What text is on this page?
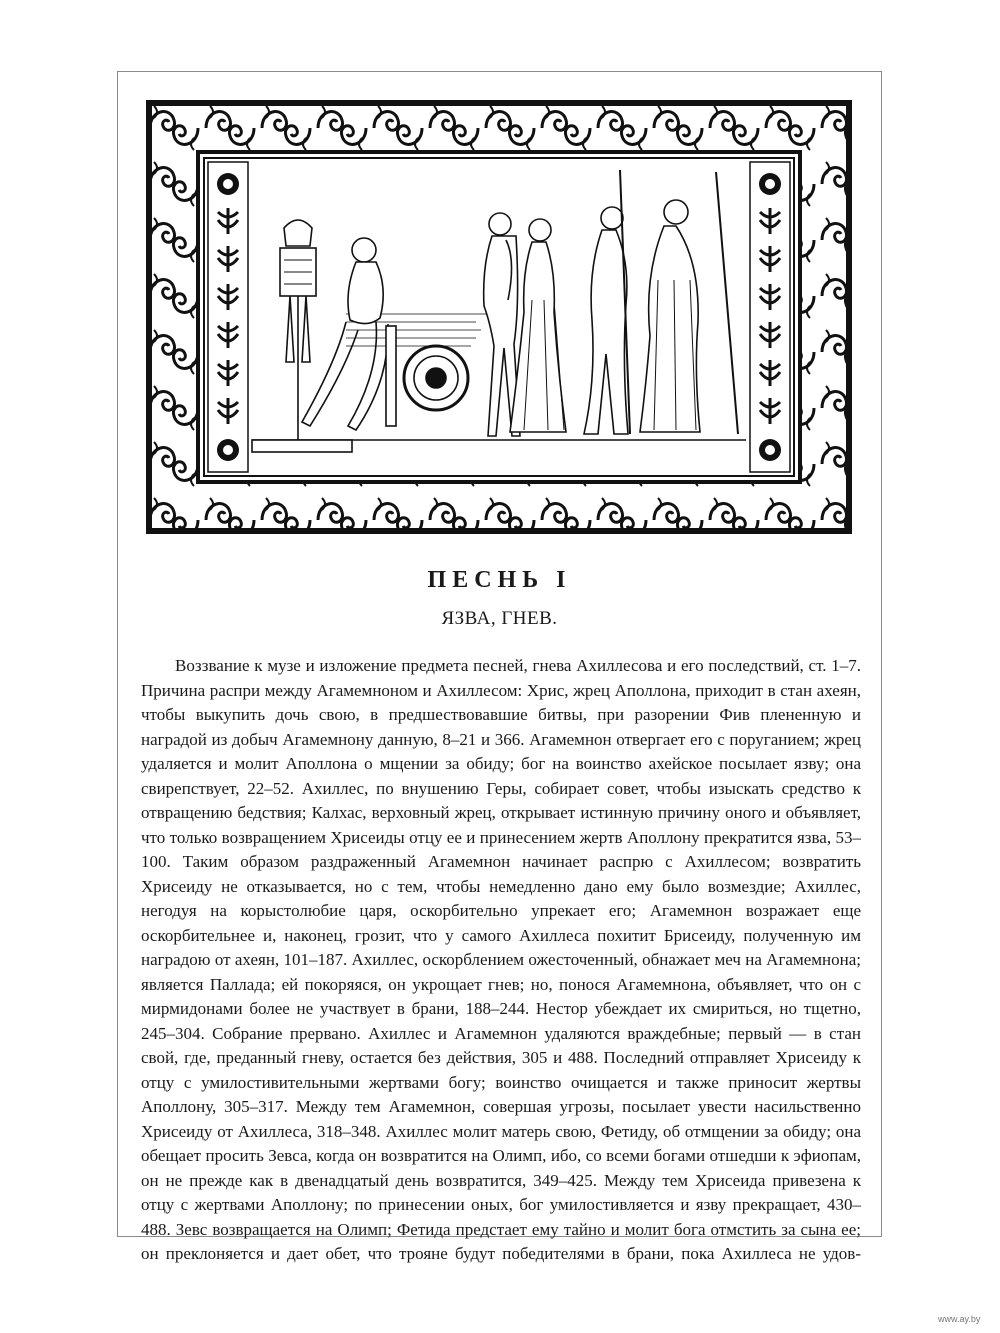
ПЕСНЬ I
ЯЗВА, ГНЕВ.

Воззвание к музе и изложение предмета песней, гнева Ахиллесова и его последствий, ст. 1–7. Причина распри между Агамемноном и Ахиллесом: Хрис, жрец Аполлона, приходит в стан ахеян, чтобы выкупить дочь свою, в предшествовавшие битвы, при разорении Фив плененную и наградой из добыч Агамемнону данную, 8–21 и 366. Агамемнон отвергает его с поруганием; жрец удаляется и молит Аполлона о мщении за обиду; бог на воинство ахейское посылает язву; она свирепствует, 22–52. Ахиллес, по внушению Геры, собирает совет, чтобы изыскать средство к отвращению бедствия; Калхас, верховный жрец, открывает истинную причину оного и объявляет, что только возвращением Хрисеиды отцу ее и принесением жертв Аполлону прекратится язва, 53–100. Таким образом раздраженный Агамемнон начинает распрю с Ахиллесом; возвратить Хрисеиду не отказывается, но с тем, чтобы немедленно дано ему было возмездие; Ахиллес, негодуя на корыстолюбие царя, оскорбительно упрекает его; Агамемнон возражает еще оскорбительнее и, наконец, грозит, что у самого Ахиллеса похитит Брисеиду, полученную им наградою от ахеян, 101–187. Ахиллес, оскорблением ожесточенный, обнажает меч на Агамемнона; является Паллада; ей покоряяся, он укрощает гнев; но, понося Агамемнона, объявляет, что он с мирмидонами более не участвует в брани, 188–244. Нестор убеждает их смириться, но тщетно, 245–304. Собрание прервано. Ахиллес и Агамемнон удаляются враждебные; первый — в стан свой, где, преданный гневу, остается без действия, 305 и 488. Последний отправляет Хрисеиду к отцу с умилостивительными жертвами богу; воинство очищается и также приносит жертвы Аполлону, 305–317. Между тем Агамемнон, совершая угрозы, посылает увести насильственно Хрисеиду от Ахиллеса, 318–348. Ахиллес молит матерь свою, Фетиду, об отмщении за обиду; она обещает просить Зевса, когда он возвратится на Олимп, ибо, со всеми богами отшедши к эфиопам, он не прежде как в двенадцатый день возвратится, 349–425. Между тем Хрисеида привезена к отцу с жертвами Аполлону; по принесении оных, бог умилостивляется и язву прекращает, 430–488. Зевс возвращается на Олимп; Фетида предстает ему тайно и молит бога отмстить за сына ее; он преклоняется и дает обет, что трояне будут победителями в брани, пока Ахиллеса не удов-

www.ay.by
